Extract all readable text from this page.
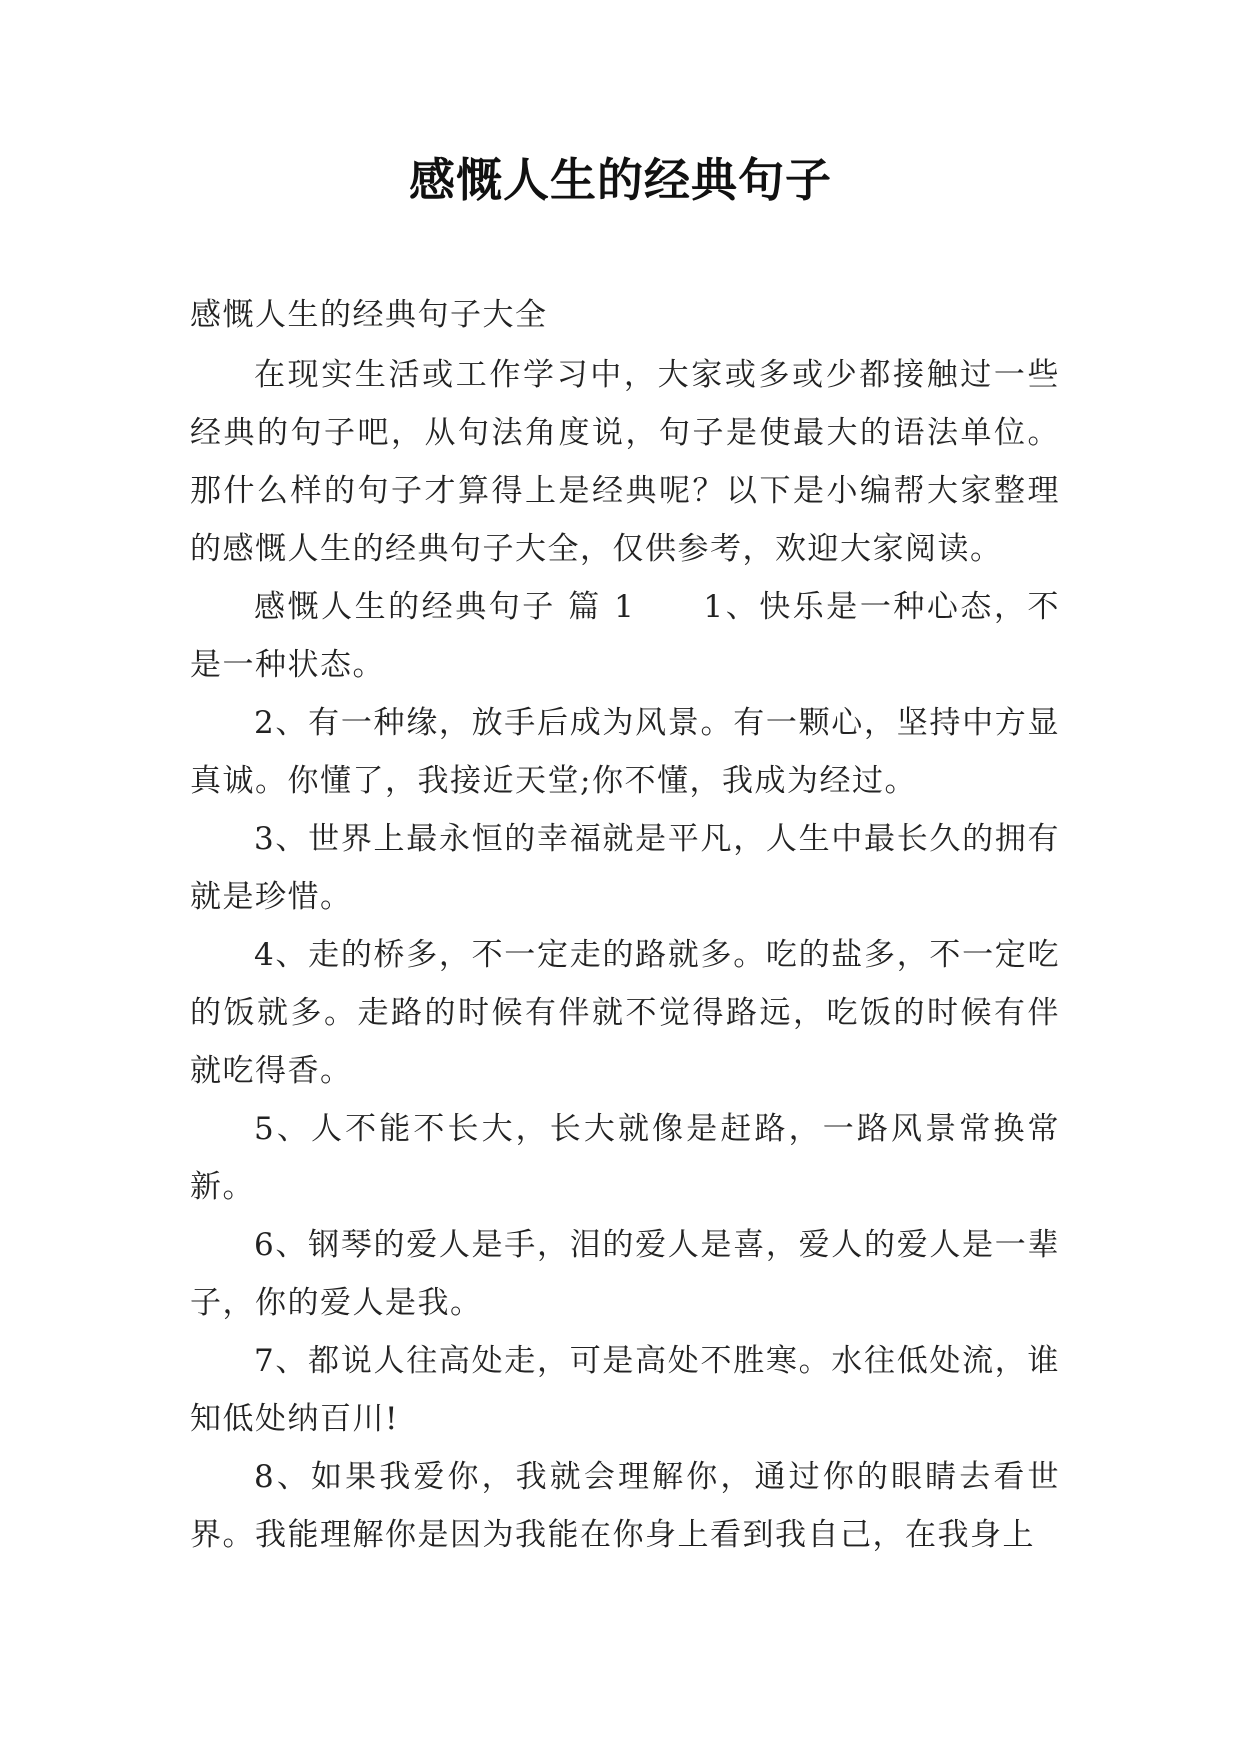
感慨人生的经典句子

感慨人生的经典句子大全

在现实生活或工作学习中，大家或多或少都接触过一些经典的句子吧，从句法角度说，句子是使最大的语法单位。那什么样的句子才算得上是经典呢？以下是小编帮大家整理的感慨人生的经典句子大全，仅供参考，欢迎大家阅读。

感慨人生的经典句子 篇 1　　1、快乐是一种心态，不是一种状态。

2、有一种缘，放手后成为风景。有一颗心，坚持中方显真诚。你懂了，我接近天堂;你不懂，我成为经过。

3、世界上最永恒的幸福就是平凡，人生中最长久的拥有就是珍惜。

4、走的桥多，不一定走的路就多。吃的盐多，不一定吃的饭就多。走路的时候有伴就不觉得路远，吃饭的时候有伴就吃得香。

5、人不能不长大，长大就像是赶路，一路风景常换常新。

6、钢琴的爱人是手，泪的爱人是喜，爱人的爱人是一辈子，你的爱人是我。

7、都说人往高处走，可是高处不胜寒。水往低处流，谁知低处纳百川!

8、如果我爱你，我就会理解你，通过你的眼睛去看世界。我能理解你是因为我能在你身上看到我自己，在我身上
